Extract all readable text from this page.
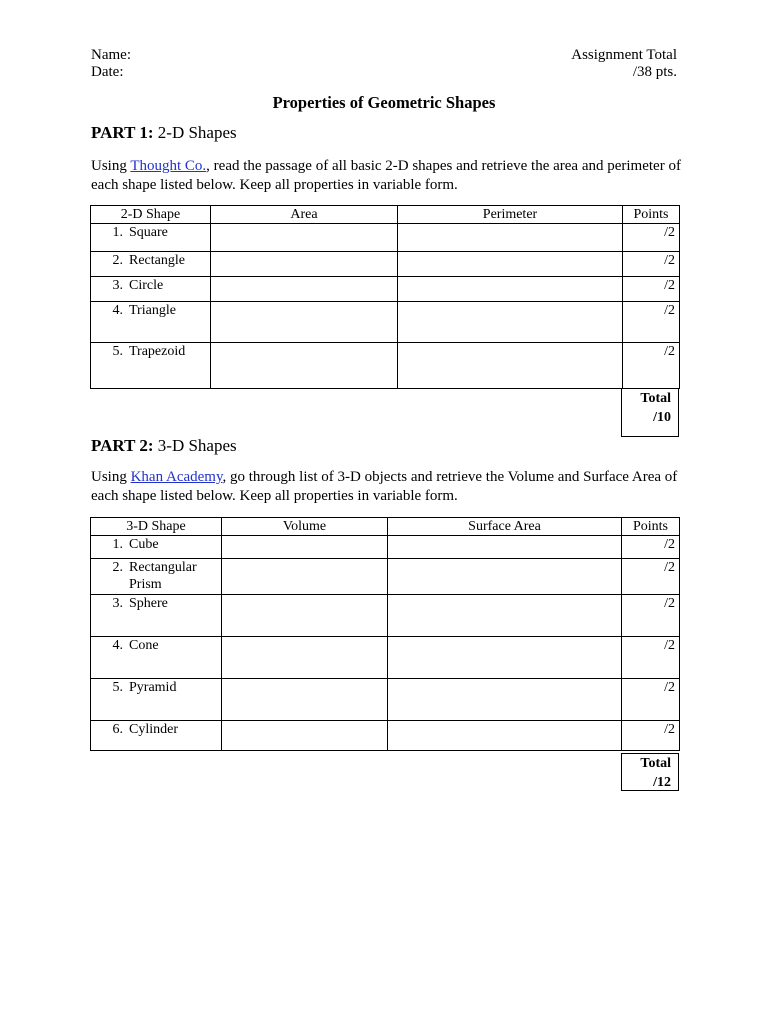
Name:
Date:
Assignment Total
/38 pts.
Properties of Geometric Shapes
PART 1: 2-D Shapes
Using Thought Co., read the passage of all basic 2-D shapes and retrieve the area and perimeter of each shape listed below. Keep all properties in variable form.
2-D Shape	Area	Perimeter	Points
1. Square			/2
2. Rectangle			/2
3. Circle			/2
4. Triangle			/2
5. Trapezoid			/2
Total
/10
PART 2: 3-D Shapes
Using Khan Academy, go through list of 3-D objects and retrieve the Volume and Surface Area of each shape listed below. Keep all properties in variable form.
3-D Shape	Volume	Surface Area	Points
1. Cube			/2
2. Rectangular
Prism			/2
3. Sphere			/2
4. Cone			/2
5. Pyramid			/2
6. Cylinder			/2
Total
/12
